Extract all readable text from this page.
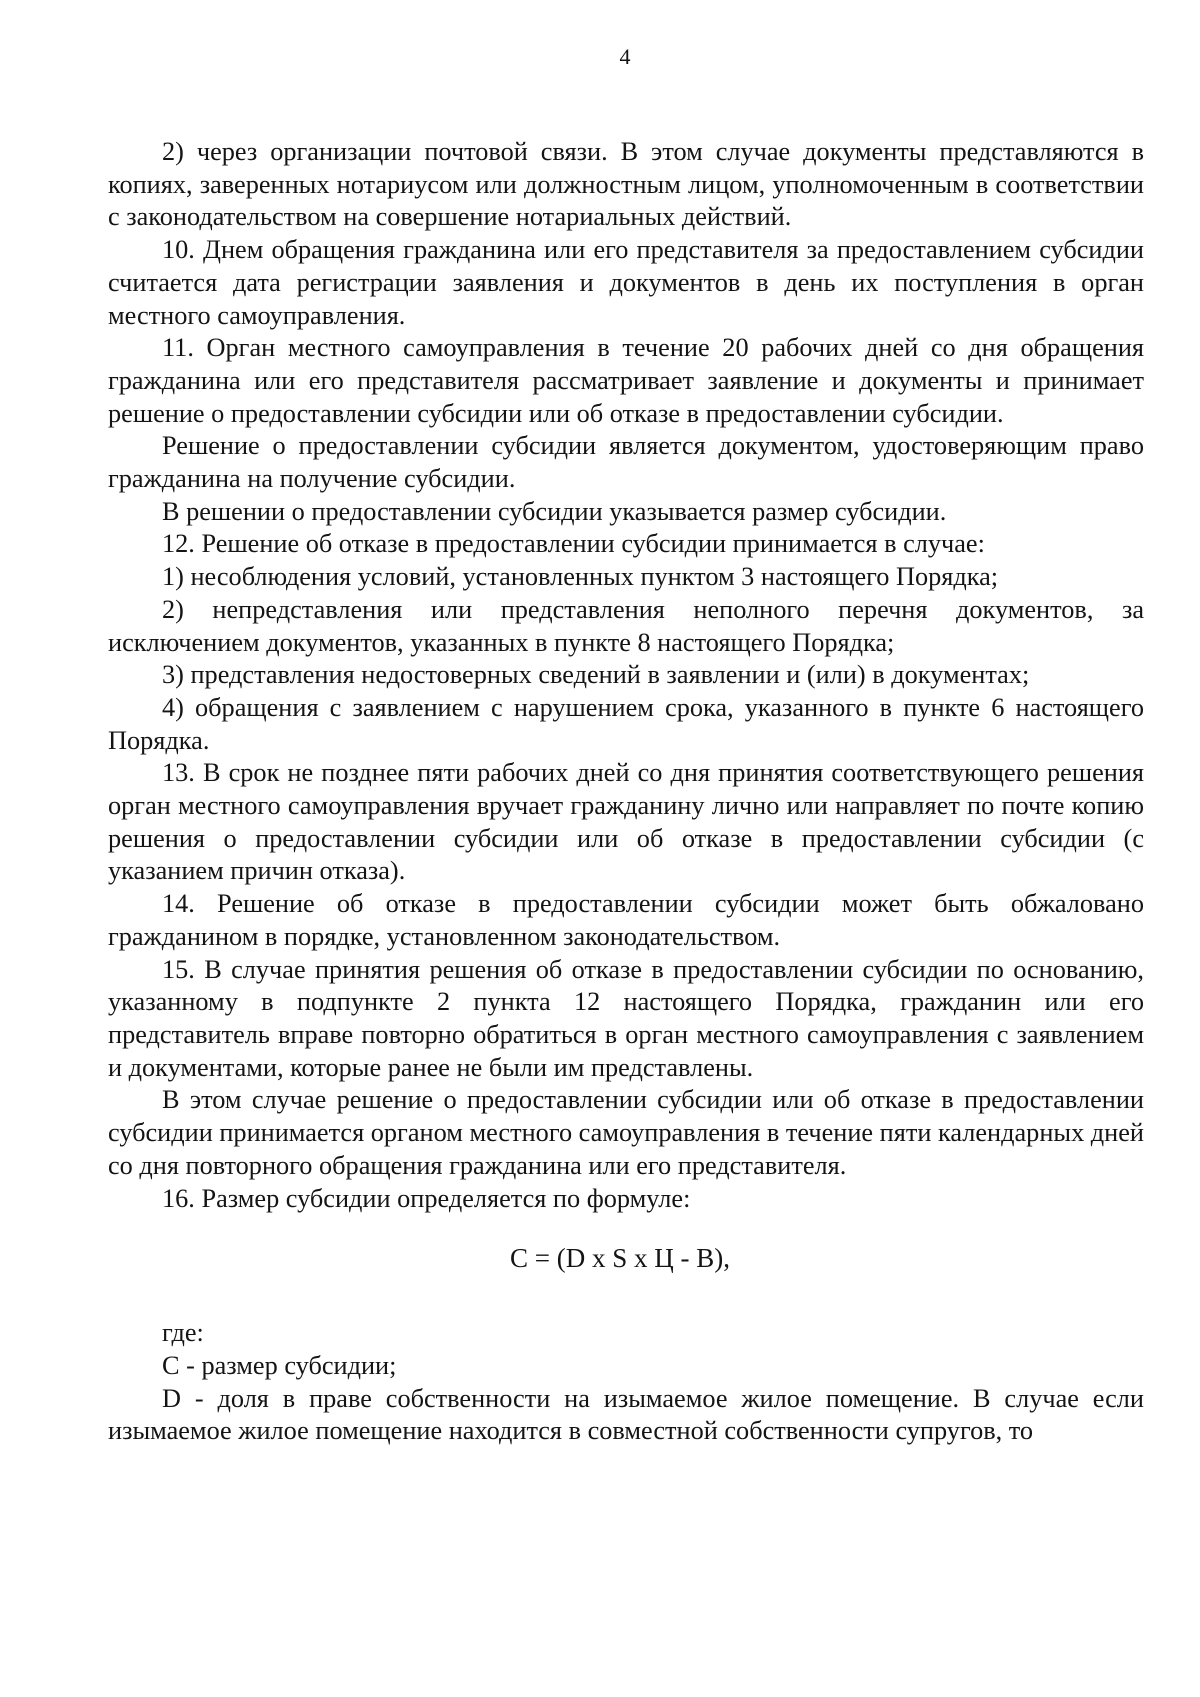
4

2) через организации почтовой связи. В этом случае документы представляются в копиях, заверенных нотариусом или должностным лицом, уполномоченным в соответствии с законодательством на совершение нотариальных действий.

10. Днем обращения гражданина или его представителя за предоставлением субсидии считается дата регистрации заявления и документов в день их поступления в орган местного самоуправления.

11. Орган местного самоуправления в течение 20 рабочих дней со дня обращения гражданина или его представителя рассматривает заявление и документы и принимает решение о предоставлении субсидии или об отказе в предоставлении субсидии.

Решение о предоставлении субсидии является документом, удостоверяющим право гражданина на получение субсидии.

В решении о предоставлении субсидии указывается размер субсидии.

12. Решение об отказе в предоставлении субсидии принимается в случае:

1) несоблюдения условий, установленных пунктом 3 настоящего Порядка;

2) непредставления или представления неполного перечня документов, за исключением документов, указанных в пункте 8 настоящего Порядка;

3) представления недостоверных сведений в заявлении и (или) в документах;

4) обращения с заявлением с нарушением срока, указанного в пункте 6 настоящего Порядка.

13. В срок не позднее пяти рабочих дней со дня принятия соответствующего решения орган местного самоуправления вручает гражданину лично или направляет по почте копию решения о предоставлении субсидии или об отказе в предоставлении субсидии (с указанием причин отказа).

14. Решение об отказе в предоставлении субсидии может быть обжаловано гражданином в порядке, установленном законодательством.

15. В случае принятия решения об отказе в предоставлении субсидии по основанию, указанному в подпункте 2 пункта 12 настоящего Порядка, гражданин или его представитель вправе повторно обратиться в орган местного самоуправления с заявлением и документами, которые ранее не были им представлены.

В этом случае решение о предоставлении субсидии или об отказе в предоставлении субсидии принимается органом местного самоуправления в течение пяти календарных дней со дня повторного обращения гражданина или его представителя.

16. Размер субсидии определяется по формуле:

C = (D x S x Ц - B),

где:

C - размер субсидии;

D - доля в праве собственности на изымаемое жилое помещение. В случае если изымаемое жилое помещение находится в совместной собственности супругов, то
